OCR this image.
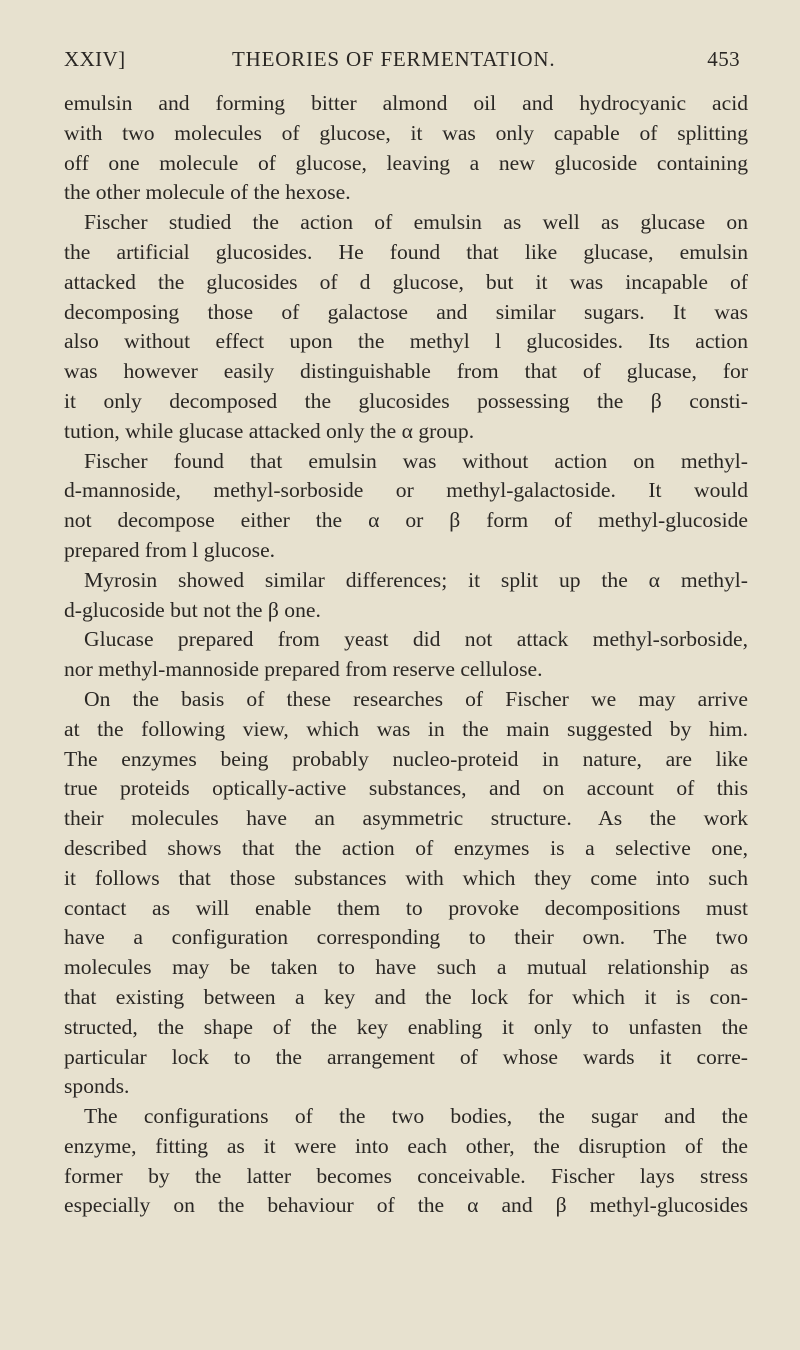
XXIV]	THEORIES OF FERMENTATION.	453
emulsin and forming bitter almond oil and hydrocyanic acid
with two molecules of glucose, it was only capable of splitting
off one molecule of glucose, leaving a new glucoside containing
the other molecule of the hexose.
Fischer studied the action of emulsin as well as glucase on
the artificial glucosides. He found that like glucase, emulsin
attacked the glucosides of d glucose, but it was incapable of
decomposing those of galactose and similar sugars. It was
also without effect upon the methyl l glucosides. Its action
was however easily distinguishable from that of glucase, for
it only decomposed the glucosides possessing the β consti-
tution, while glucase attacked only the α group.
Fischer found that emulsin was without action on methyl-
d-mannoside, methyl-sorboside or methyl-galactoside. It would
not decompose either the α or β form of methyl-glucoside
prepared from l glucose.
Myrosin showed similar differences; it split up the α methyl-
d-glucoside but not the β one.
Glucase prepared from yeast did not attack methyl-sorboside,
nor methyl-mannoside prepared from reserve cellulose.
On the basis of these researches of Fischer we may arrive
at the following view, which was in the main suggested by him.
The enzymes being probably nucleo-proteid in nature, are like
true proteids optically-active substances, and on account of this
their molecules have an asymmetric structure. As the work
described shows that the action of enzymes is a selective one,
it follows that those substances with which they come into such
contact as will enable them to provoke decompositions must
have a configuration corresponding to their own. The two
molecules may be taken to have such a mutual relationship as
that existing between a key and the lock for which it is con-
structed, the shape of the key enabling it only to unfasten the
particular lock to the arrangement of whose wards it corre-
sponds.
The configurations of the two bodies, the sugar and the
enzyme, fitting as it were into each other, the disruption of the
former by the latter becomes conceivable. Fischer lays stress
especially on the behaviour of the α and β methyl-glucosides
